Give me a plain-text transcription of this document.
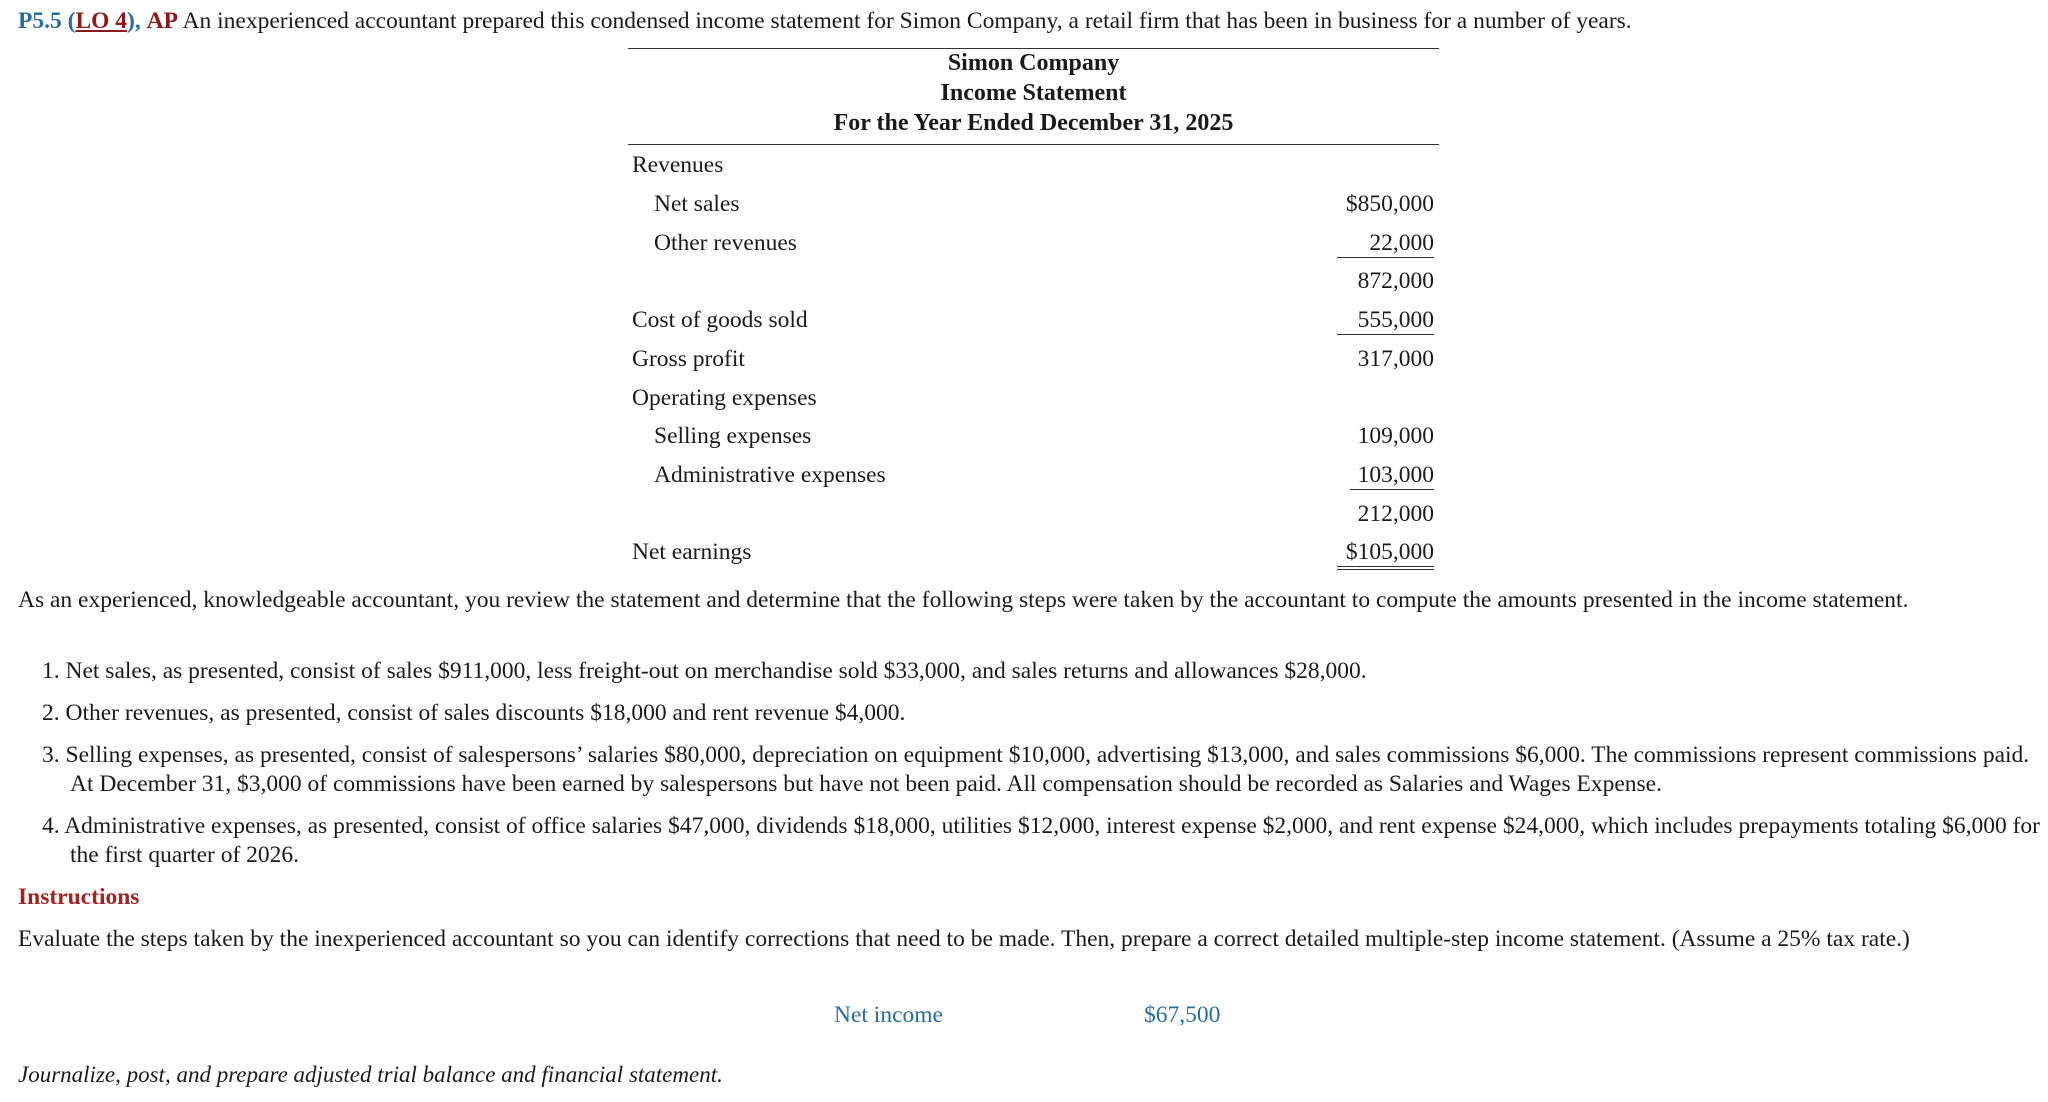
P5.5 (LO 4), AP An inexperienced accountant prepared this condensed income statement for Simon Company, a retail firm that has been in business for a number of years.
Simon Company
Income Statement
For the Year Ended December 31, 2025
Revenues
Net sales	$850,000
Other revenues	22,000
872,000
Cost of goods sold	555,000
Gross profit	317,000
Operating expenses
Selling expenses	109,000
Administrative expenses	103,000
212,000
Net earnings	$105,000
As an experienced, knowledgeable accountant, you review the statement and determine that the following steps were taken by the accountant to compute the amounts presented in the income statement.
1. Net sales, as presented, consist of sales $911,000, less freight-out on merchandise sold $33,000, and sales returns and allowances $28,000.
2. Other revenues, as presented, consist of sales discounts $18,000 and rent revenue $4,000.
3. Selling expenses, as presented, consist of salespersons’ salaries $80,000, depreciation on equipment $10,000, advertising $13,000, and sales commissions $6,000. The commissions represent commissions paid. At December 31, $3,000 of commissions have been earned by salespersons but have not been paid. All compensation should be recorded as Salaries and Wages Expense.
4. Administrative expenses, as presented, consist of office salaries $47,000, dividends $18,000, utilities $12,000, interest expense $2,000, and rent expense $24,000, which includes prepayments totaling $6,000 for the first quarter of 2026.
Instructions
Evaluate the steps taken by the inexperienced accountant so you can identify corrections that need to be made. Then, prepare a correct detailed multiple-step income statement. (Assume a 25% tax rate.)
Net income	$67,500
Journalize, post, and prepare adjusted trial balance and financial statement.
